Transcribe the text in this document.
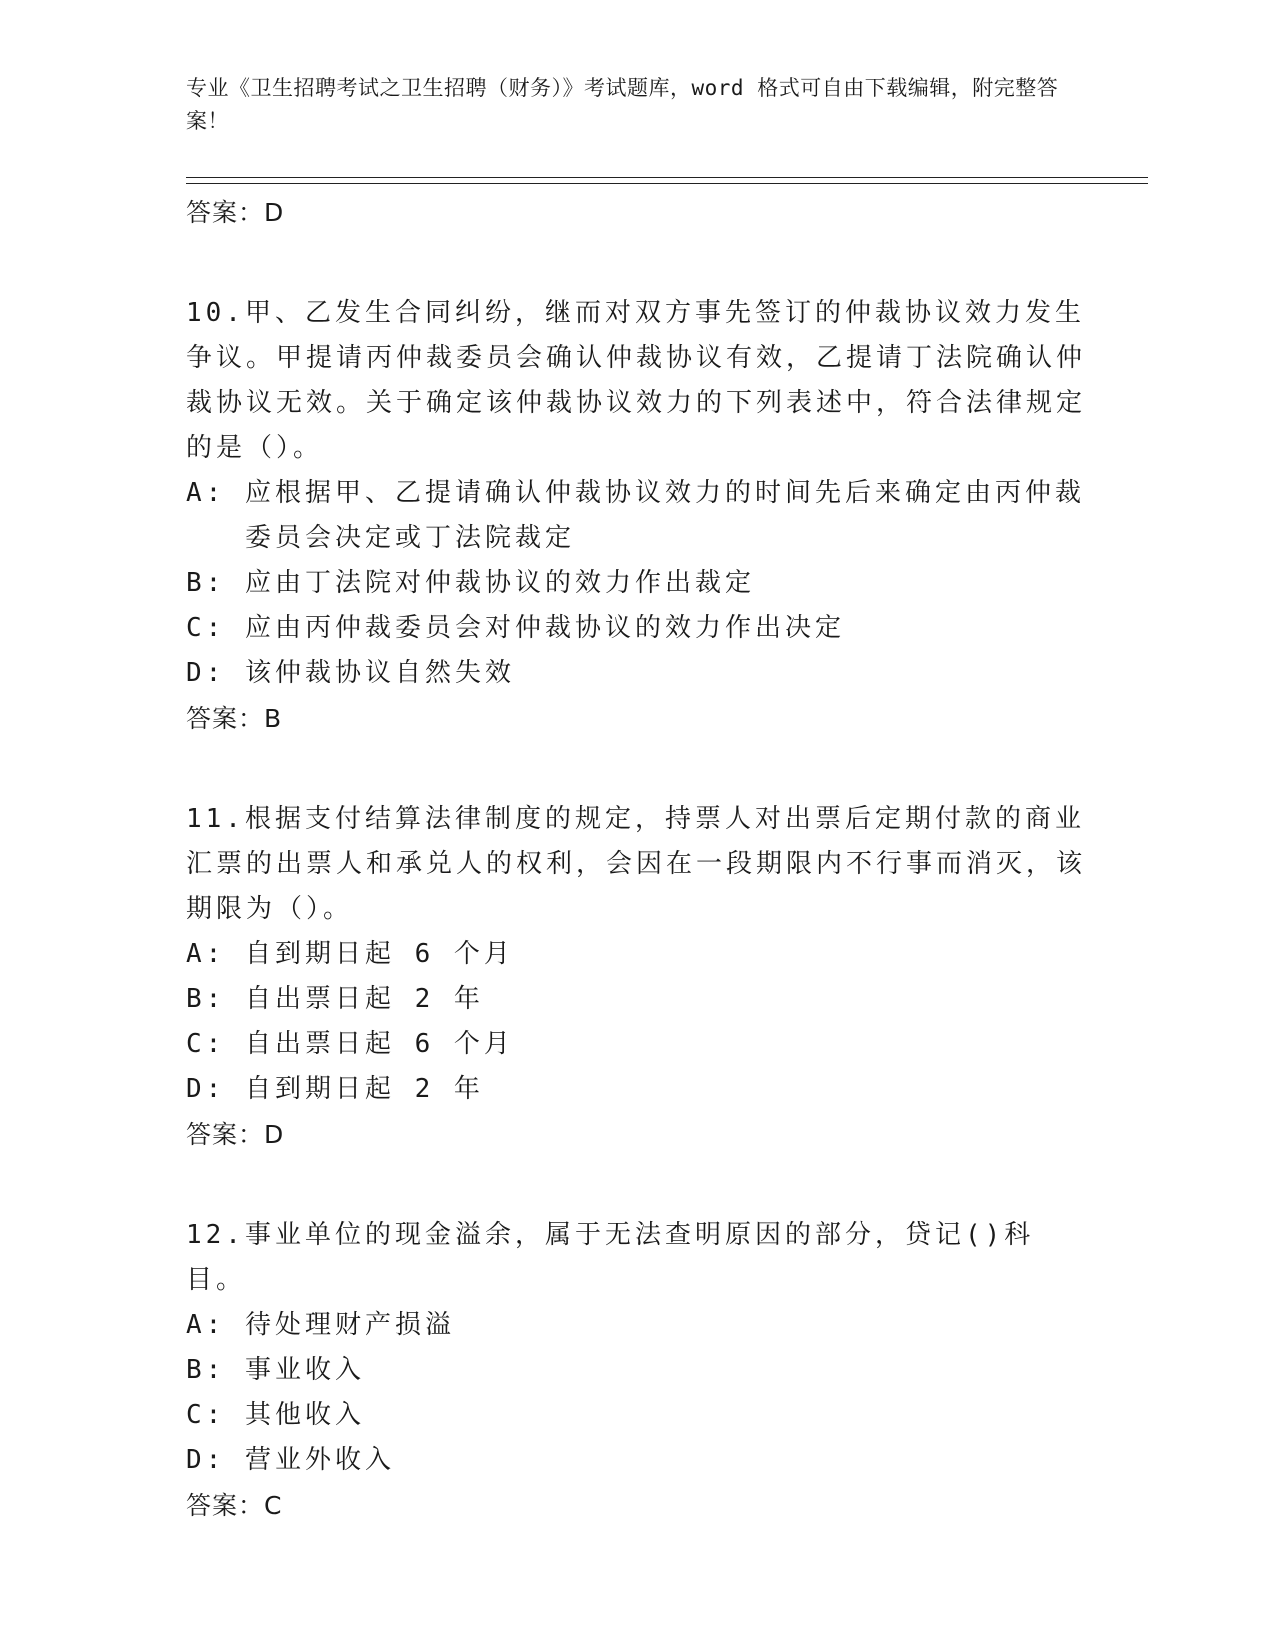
专业《卫生招聘考试之卫生招聘（财务）》考试题库，word 格式可自由下载编辑，附完整答案！
答案： D

10.甲、乙发生合同纠纷，继而对双方事先签订的仲裁协议效力发生争议。甲提请丙仲裁委员会确认仲裁协议有效，乙提请丁法院确认仲裁协议无效。关于确定该仲裁协议效力的下列表述中，符合法律规定的是（）。

A:
应根据甲、乙提请确认仲裁协议效力的时间先后来确定由丙仲裁委员会决定或丁法院裁定
B:
应由丁法院对仲裁协议的效力作出裁定
C:
应由丙仲裁委员会对仲裁协议的效力作出决定
D:
该仲裁协议自然失效
答案： B

11.根据支付结算法律制度的规定，持票人对出票后定期付款的商业汇票的出票人和承兑人的权利，会因在一段期限内不行事而消灭，该期限为（）。

A:
自到期日起 6 个月
B:
自出票日起 2 年
C:
自出票日起 6 个月
D:
自到期日起 2 年
答案： D

12.事业单位的现金溢余，属于无法查明原因的部分，贷记()科目。

A:
待处理财产损溢
B:
事业收入
C:
其他收入
D:
营业外收入
答案： C
